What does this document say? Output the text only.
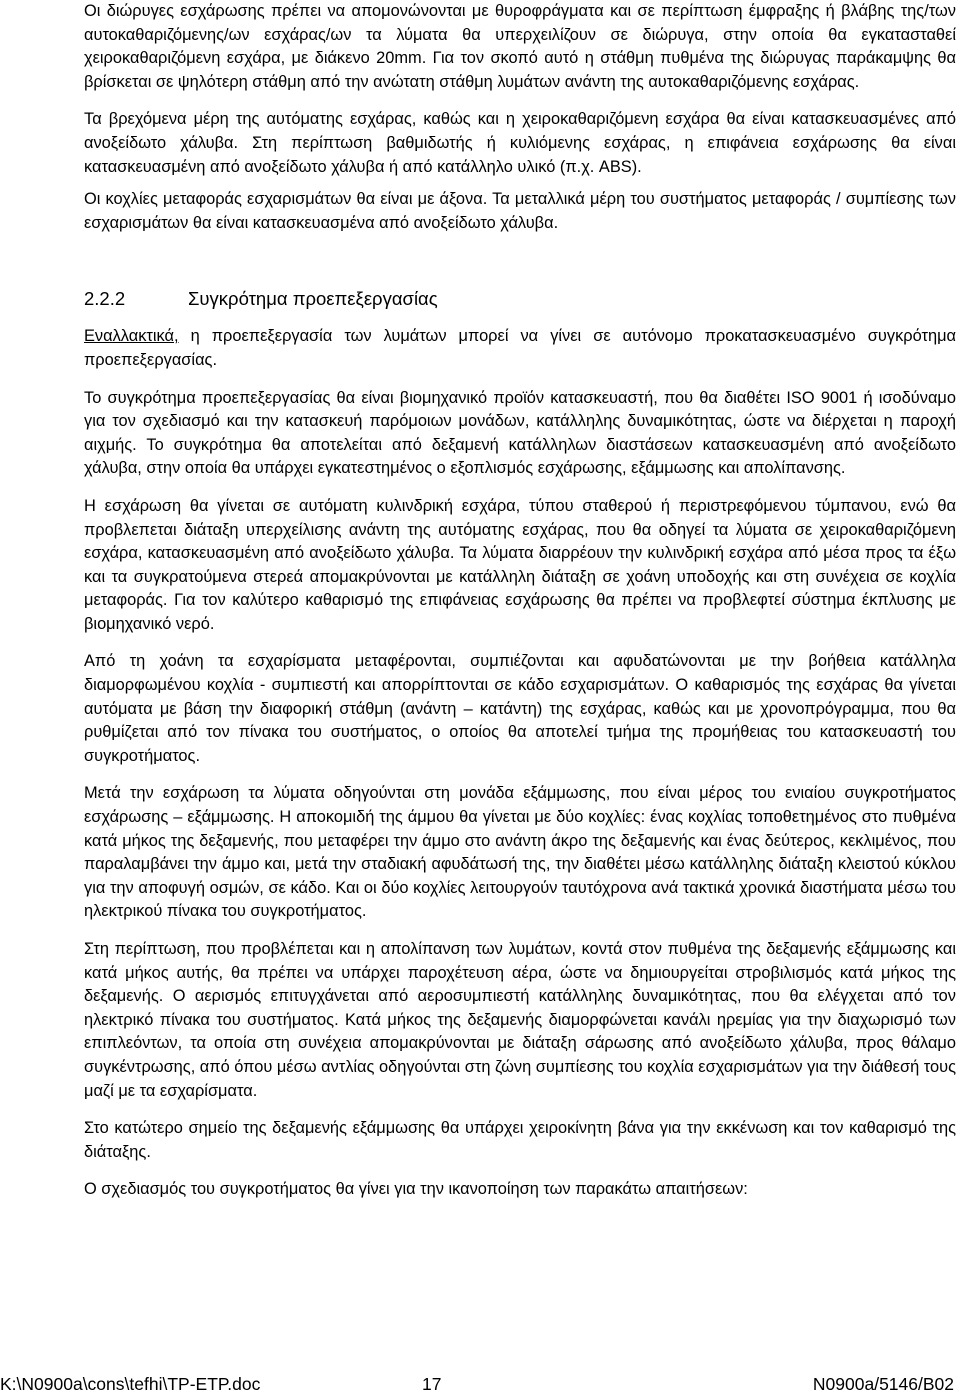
Οι διώρυγες εσχάρωσης πρέπει να απομονώνονται με θυροφράγματα και σε περίπτωση έμφραξης ή βλάβης της/των αυτοκαθαριζόμενης/ων εσχάρας/ων τα λύματα θα υπερχειλίζουν σε διώρυγα, στην οποία θα εγκατασταθεί χειροκαθαριζόμενη εσχάρα, με διάκενο 20mm. Για τον σκοπό αυτό η στάθμη πυθμένα της διώρυγας παράκαμψης θα βρίσκεται σε ψηλότερη στάθμη από την ανώτατη στάθμη λυμάτων ανάντη της αυτοκαθαριζόμενης εσχάρας.

Τα βρεχόμενα μέρη της αυτόματης εσχάρας, καθώς και η χειροκαθαριζόμενη εσχάρα θα είναι κατασκευασμένες από ανοξείδωτο χάλυβα. Στη περίπτωση βαθμιδωτής ή κυλιόμενης εσχάρας, η επιφάνεια εσχάρωσης θα είναι κατασκευασμένη από ανοξείδωτο χάλυβα ή από κατάλληλο υλικό (π.χ. ABS).

Οι κοχλίες μεταφοράς εσχαρισμάτων θα είναι με άξονα. Τα μεταλλικά μέρη του συστήματος μεταφοράς / συμπίεσης των εσχαρισμάτων θα είναι κατασκευασμένα από ανοξείδωτο χάλυβα.

2.2.2	Συγκρότημα προεπεξεργασίας

Εναλλακτικά, η προεπεξεργασία των λυμάτων μπορεί να γίνει σε αυτόνομο προκατασκευασμένο συγκρότημα προεπεξεργασίας.

Το συγκρότημα προεπεξεργασίας θα είναι βιομηχανικό προϊόν κατασκευαστή, που θα διαθέτει ISO 9001 ή ισοδύναμο για τον σχεδιασμό και την κατασκευή παρόμοιων μονάδων, κατάλληλης δυναμικότητας, ώστε να διέρχεται η παροχή αιχμής. Το συγκρότημα θα αποτελείται από δεξαμενή κατάλληλων διαστάσεων κατασκευασμένη από ανοξείδωτο χάλυβα, στην οποία θα υπάρχει εγκατεστημένος ο εξοπλισμός εσχάρωσης, εξάμμωσης και απολίπανσης.

Η εσχάρωση θα γίνεται σε αυτόματη κυλινδρική εσχάρα, τύπου σταθερού ή περιστρεφόμενου τύμπανου, ενώ θα προβλεπεται διάταξη υπερχείλισης ανάντη της αυτόματης εσχάρας, που θα οδηγεί τα λύματα σε χειροκαθαριζόμενη εσχάρα, κατασκευασμένη από ανοξείδωτο χάλυβα. Τα λύματα διαρρέουν την κυλινδρική εσχάρα από μέσα προς τα έξω και τα συγκρατούμενα στερεά απομακρύνονται με κατάλληλη διάταξη σε χοάνη υποδοχής και στη συνέχεια σε κοχλία μεταφοράς. Για τον καλύτερο καθαρισμό της επιφάνειας εσχάρωσης θα πρέπει να προβλεφτεί σύστημα έκπλυσης με βιομηχανικό νερό.

Από τη χοάνη τα εσχαρίσματα μεταφέρονται, συμπιέζονται και αφυδατώνονται με την βοήθεια κατάλληλα διαμορφωμένου κοχλία - συμπιεστή και απορρίπτονται σε κάδο εσχαρισμάτων. Ο καθαρισμός της εσχάρας θα γίνεται αυτόματα με βάση την διαφορική στάθμη (ανάντη – κατάντη) της εσχάρας, καθώς και με χρονοπρόγραμμα, που θα ρυθμίζεται από τον πίνακα του συστήματος, ο οποίος θα αποτελεί τμήμα της προμήθειας του κατασκευαστή του συγκροτήματος.

Μετά την εσχάρωση τα λύματα οδηγούνται στη μονάδα εξάμμωσης, που είναι μέρος του ενιαίου συγκροτήματος εσχάρωσης – εξάμμωσης. Η αποκομιδή της άμμου θα γίνεται με δύο κοχλίες: ένας κοχλίας τοποθετημένος στο πυθμένα κατά μήκος της δεξαμενής, που μεταφέρει την άμμο στο ανάντη άκρο της δεξαμενής και ένας δεύτερος, κεκλιμένος, που παραλαμβάνει την άμμο και, μετά την σταδιακή αφυδάτωσή της, την διαθέτει μέσω κατάλληλης διάταξη κλειστού κύκλου για την αποφυγή οσμών, σε κάδο. Και οι δύο κοχλίες λειτουργούν ταυτόχρονα ανά τακτικά χρονικά διαστήματα μέσω του ηλεκτρικού πίνακα του συγκροτήματος.

Στη περίπτωση, που προβλέπεται και η απολίπανση των λυμάτων, κοντά στον πυθμένα της δεξαμενής εξάμμωσης και κατά μήκος αυτής, θα πρέπει να υπάρχει παροχέτευση αέρα, ώστε να δημιουργείται στροβιλισμός κατά μήκος της δεξαμενής. Ο αερισμός επιτυγχάνεται από αεροσυμπιεστή κατάλληλης δυναμικότητας, που θα ελέγχεται από τον ηλεκτρικό πίνακα του συστήματος. Κατά μήκος της δεξαμενής διαμορφώνεται κανάλι ηρεμίας για την διαχωρισμό των επιπλεόντων, τα οποία στη συνέχεια απομακρύνονται με διάταξη σάρωσης από ανοξείδωτο χάλυβα, προς θάλαμο συγκέντρωσης, από όπου μέσω αντλίας οδηγούνται στη ζώνη συμπίεσης του κοχλία εσχαρισμάτων για την διάθεσή τους μαζί με τα εσχαρίσματα.

Στο κατώτερο σημείο της δεξαμενής εξάμμωσης θα υπάρχει χειροκίνητη βάνα για την εκκένωση και τον καθαρισμό της διάταξης.

Ο σχεδιασμός του συγκροτήματος θα γίνει για την ικανοποίηση των παρακάτω απαιτήσεων:

K:\N0900a\cons\tefhi\TP-ETP.doc	17	N0900a/5146/B02
